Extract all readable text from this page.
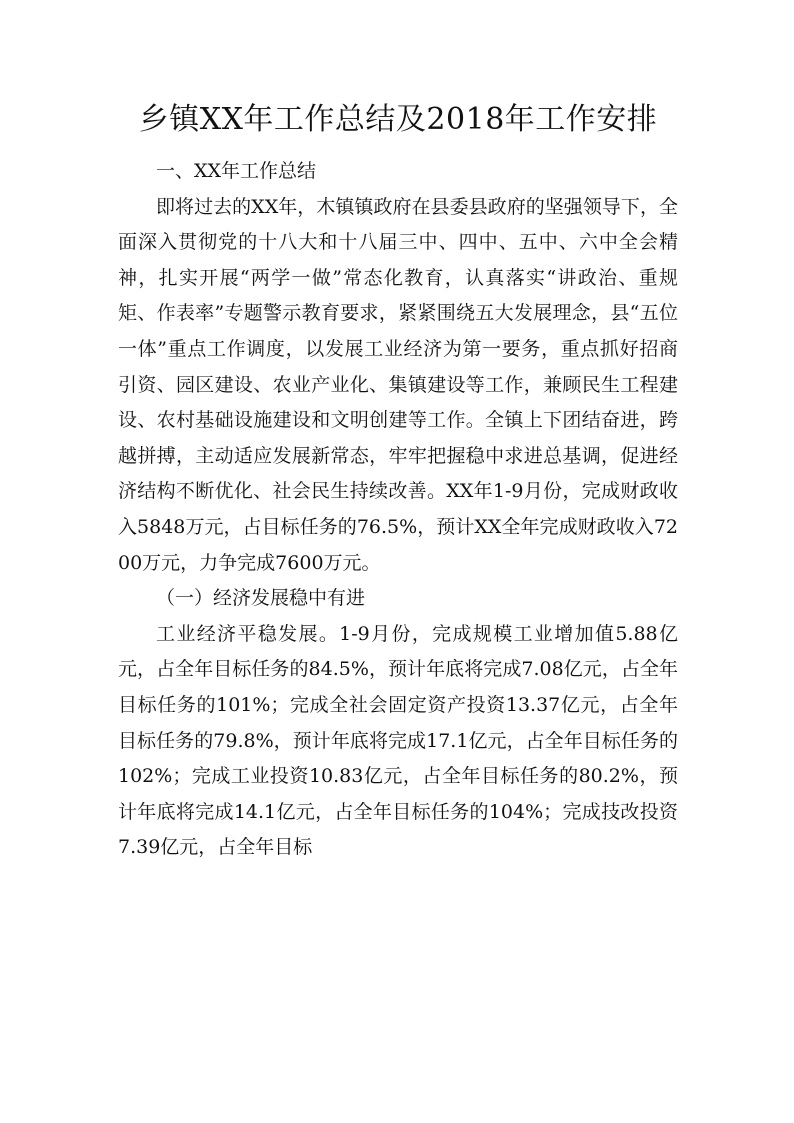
乡镇XX年工作总结及2018年工作安排

一、XX年工作总结

即将过去的XX年，木镇镇政府在县委县政府的坚强领导下，全面深入贯彻党的十八大和十八届三中、四中、五中、六中全会精神，扎实开展“两学一做”常态化教育，认真落实“讲政治、重规矩、作表率”专题警示教育要求，紧紧围绕五大发展理念，县“五位一体”重点工作调度，以发展工业经济为第一要务，重点抓好招商引资、园区建设、农业产业化、集镇建设等工作，兼顾民生工程建设、农村基础设施建设和文明创建等工作。全镇上下团结奋进，跨越拼搏，主动适应发展新常态，牢牢把握稳中求进总基调，促进经济结构不断优化、社会民生持续改善。XX年1-9月份，完成财政收入5848万元，占目标任务的76.5%，预计XX全年完成财政收入7200万元，力争完成7600万元。

（一）经济发展稳中有进

工业经济平稳发展。1-9月份，完成规模工业增加值5.88亿元，占全年目标任务的84.5%，预计年底将完成7.08亿元，占全年目标任务的101%；完成全社会固定资产投资13.37亿元，占全年目标任务的79.8%，预计年底将完成17.1亿元，占全年目标任务的102%；完成工业投资10.83亿元，占全年目标任务的80.2%，预计年底将完成14.1亿元，占全年目标任务的104%；完成技改投资7.39亿元，占全年目标
